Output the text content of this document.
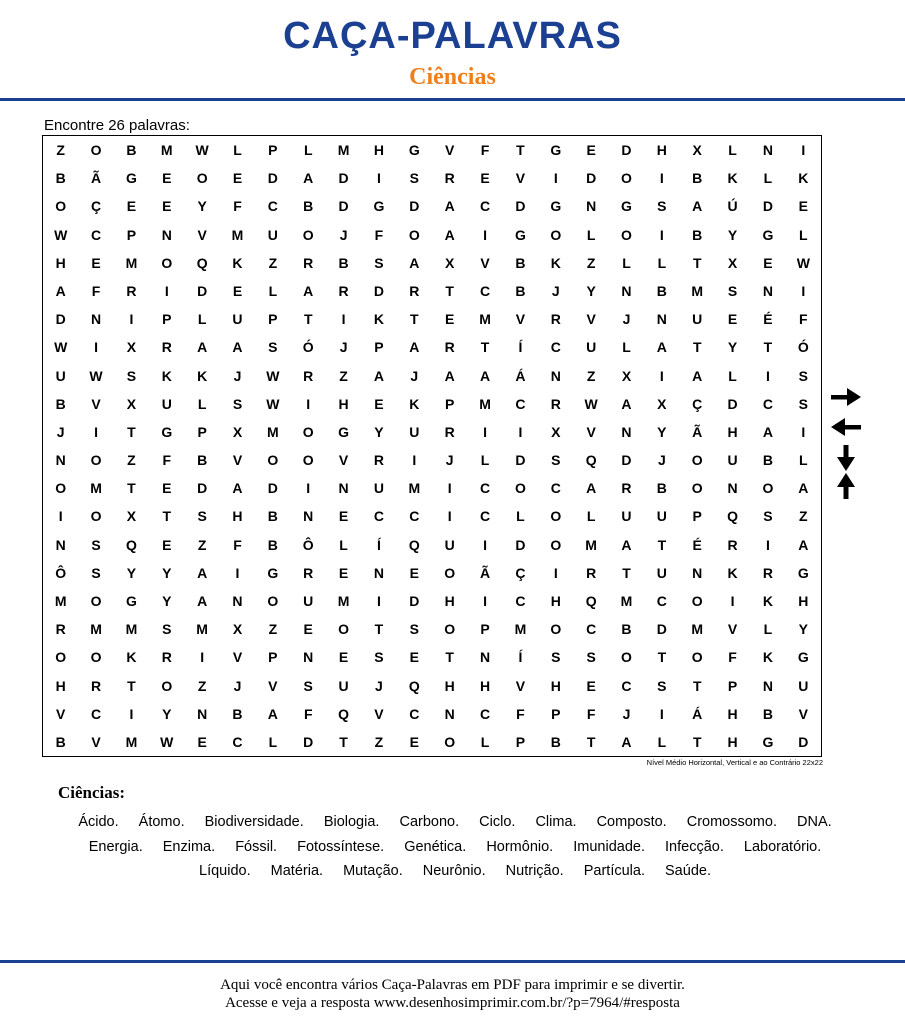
CAÇA-PALAVRAS
Ciências
Encontre 26 palavras:
Z	O	B	M	W	L	P	L	M	H	G	V	F	T	G	E	D	H	X	L	N	I
B	Ã	G	E	O	E	D	A	D	I	S	R	E	V	I	D	O	I	B	K	L	K
O	Ç	E	E	Y	F	C	B	D	G	D	A	C	D	G	N	G	S	A	Ú	D	E
W	C	P	N	V	M	U	O	J	F	O	A	I	G	O	L	O	I	B	Y	G	L
H	E	M	O	Q	K	Z	R	B	S	A	X	V	B	K	Z	L	L	T	X	E	W
A	F	R	I	D	E	L	A	R	D	R	T	C	B	J	Y	N	B	M	S	N	I
D	N	I	P	L	U	P	T	I	K	T	E	M	V	R	V	J	N	U	E	É	F
W	I	X	R	A	A	S	Ó	J	P	A	R	T	Í	C	U	L	A	T	Y	T	Ó
U	W	S	K	K	J	W	R	Z	A	J	A	A	Á	N	Z	X	I	A	L	I	S
B	V	X	U	L	S	W	I	H	E	K	P	M	C	R	W	A	X	Ç	D	C	S
J	I	T	G	P	X	M	O	G	Y	U	R	I	I	X	V	N	Y	Ã	H	A	I
N	O	Z	F	B	V	O	O	V	R	I	J	L	D	S	Q	D	J	O	U	B	L
O	M	T	E	D	A	D	I	N	U	M	I	C	O	C	A	R	B	O	N	O	A
I	O	X	T	S	H	B	N	E	C	C	I	C	L	O	L	U	U	P	Q	S	Z
N	S	Q	E	Z	F	B	Ô	L	Í	Q	U	I	D	O	M	A	T	É	R	I	A
Ô	S	Y	Y	A	I	G	R	E	N	E	O	Ã	Ç	I	R	T	U	N	K	R	G
M	O	G	Y	A	N	O	U	M	I	D	H	I	C	H	Q	M	C	O	I	K	H
R	M	M	S	M	X	Z	E	O	T	S	O	P	M	O	C	B	D	M	V	L	Y
O	O	K	R	I	V	P	N	E	S	E	T	N	Í	S	S	O	T	O	F	K	G
H	R	T	O	Z	J	V	S	U	J	Q	H	H	V	H	E	C	S	T	P	N	U
V	C	I	Y	N	B	A	F	Q	V	C	N	C	F	P	F	J	I	Á	H	B	V
B	V	M	W	E	C	L	D	T	Z	E	O	L	P	B	T	A	L	T	H	G	D
Nível Médio Horizontal, Vertical e ao Contrário 22x22
Ciências:
Ácido. Átomo. Biodiversidade. Biologia. Carbono. Ciclo. Clima. Composto. Cromossomo. DNA. Energia. Enzima. Fóssil. Fotossíntese. Genética. Hormônio. Imunidade. Infecção. Laboratório. Líquido. Matéria. Mutação. Neurônio. Nutrição. Partícula. Saúde.
Aqui você encontra vários Caça-Palavras em PDF para imprimir e se divertir.
Acesse e veja a resposta www.desenhosimprimir.com.br/?p=7964/#resposta
